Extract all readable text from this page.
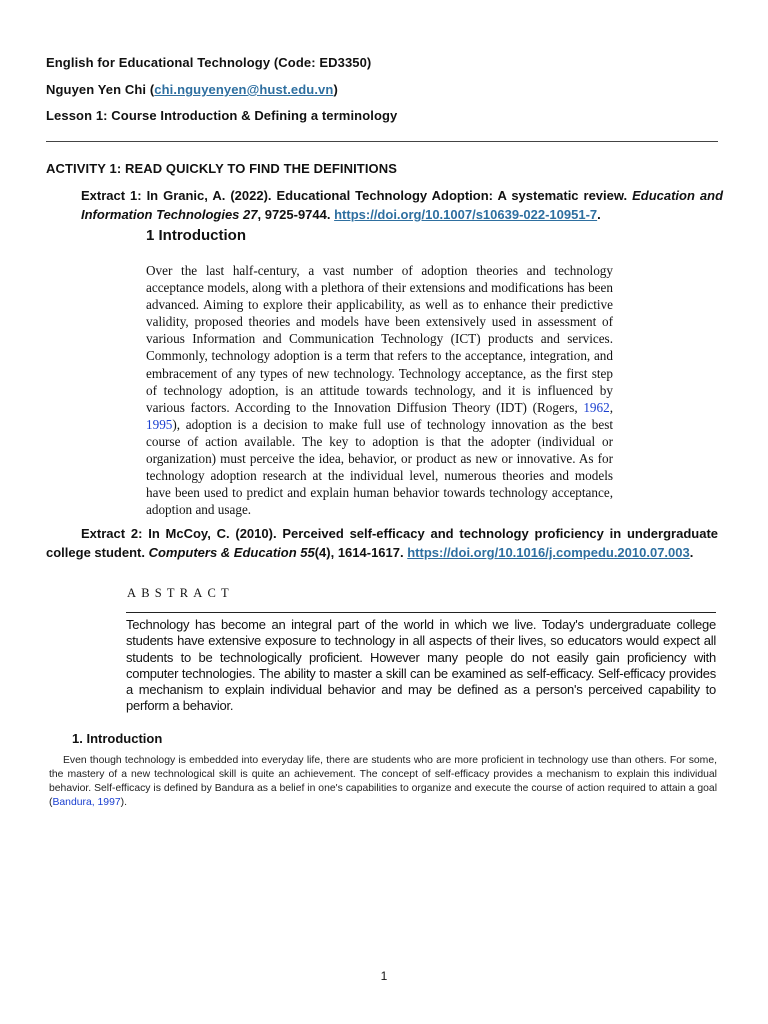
English for Educational Technology (Code: ED3350)
Nguyen Yen Chi (chi.nguyenyen@hust.edu.vn)
Lesson 1: Course Introduction & Defining a terminology
ACTIVITY 1: READ QUICKLY TO FIND THE DEFINITIONS
Extract 1: In Granic, A. (2022). Educational Technology Adoption: A systematic review. Education and Information Technologies 27, 9725-9744. https://doi.org/10.1007/s10639-022-10951-7.
1 Introduction
Over the last half-century, a vast number of adoption theories and technology acceptance models, along with a plethora of their extensions and modifications has been advanced. Aiming to explore their applicability, as well as to enhance their predictive validity, proposed theories and models have been extensively used in assessment of various Information and Communication Technology (ICT) products and services. Commonly, technology adoption is a term that refers to the acceptance, integration, and embracement of any types of new technology. Technology acceptance, as the first step of technology adoption, is an attitude towards technology, and it is influenced by various factors. According to the Innovation Diffusion Theory (IDT) (Rogers, 1962, 1995), adoption is a decision to make full use of technology innovation as the best course of action available. The key to adoption is that the adopter (individual or organization) must perceive the idea, behavior, or product as new or innovative. As for technology adoption research at the individual level, numerous theories and models have been used to predict and explain human behavior towards technology acceptance, adoption and usage.
Extract 2: In McCoy, C. (2010). Perceived self-efficacy and technology proficiency in undergraduate college student. Computers & Education 55(4), 1614-1617. https://doi.org/10.1016/j.compedu.2010.07.003.
ABSTRACT
Technology has become an integral part of the world in which we live. Today's undergraduate college students have extensive exposure to technology in all aspects of their lives, so educators would expect all students to be technologically proficient. However many people do not easily gain proficiency with computer technologies. The ability to master a skill can be examined as self-efficacy. Self-efficacy provides a mechanism to explain individual behavior and may be defined as a person's perceived capability to perform a behavior.
1. Introduction
Even though technology is embedded into everyday life, there are students who are more proficient in technology use than others. For some, the mastery of a new technological skill is quite an achievement. The concept of self-efficacy provides a mechanism to explain this individual behavior. Self-efficacy is defined by Bandura as a belief in one's capabilities to organize and execute the course of action required to attain a goal (Bandura, 1997).
1
